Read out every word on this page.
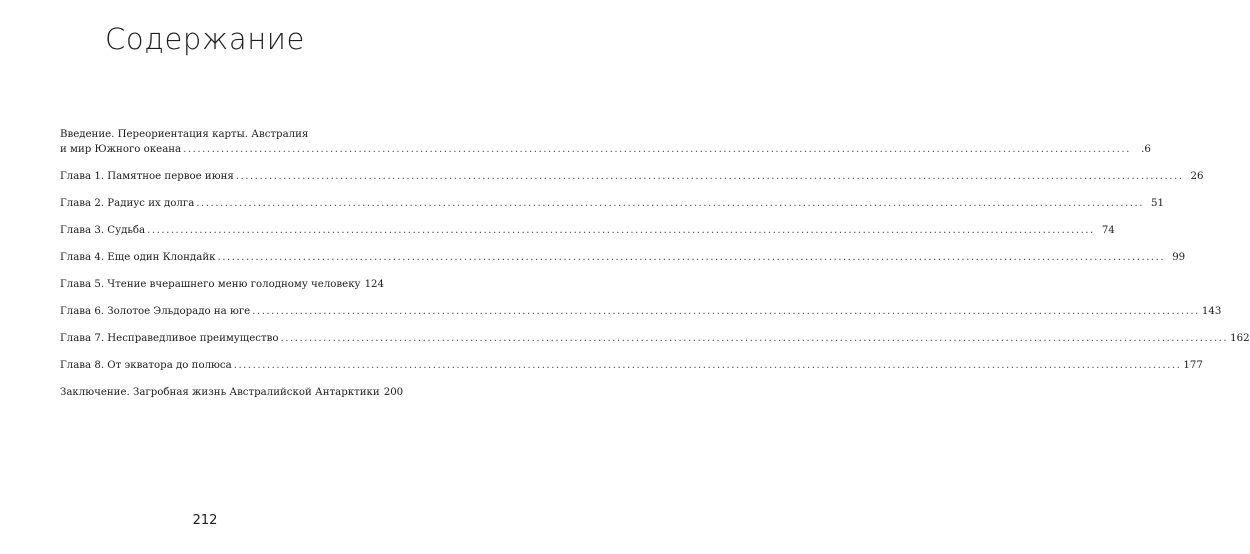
Содержание
Введение. Переориентация карты. Австралия
и мир Южного океана ........................................................................................................................................................................................................	.6
Глава 1. Памятное первое июня ........................................................................................................................................................................................................ 26
Глава 2. Радиус их долга ........................................................................................................................................................................................................ 51
Глава 3. Судьба ........................................................................................................................................................................................................ 74
Глава 4. Еще один Клондайк ........................................................................................................................................................................................................ 99
Глава 5. Чтение вчерашнего меню голодному человеку 124
Глава 6. Золотое Эльдорадо на юге ........................................................................................................................................................................................................ 143
Глава 7. Несправедливое преимущество ........................................................................................................................................................................................................ 162
Глава 8. От экватора до полюса ........................................................................................................................................................................................................ 177
Заключение. Загробная жизнь Австралийской Антарктики 200
212
